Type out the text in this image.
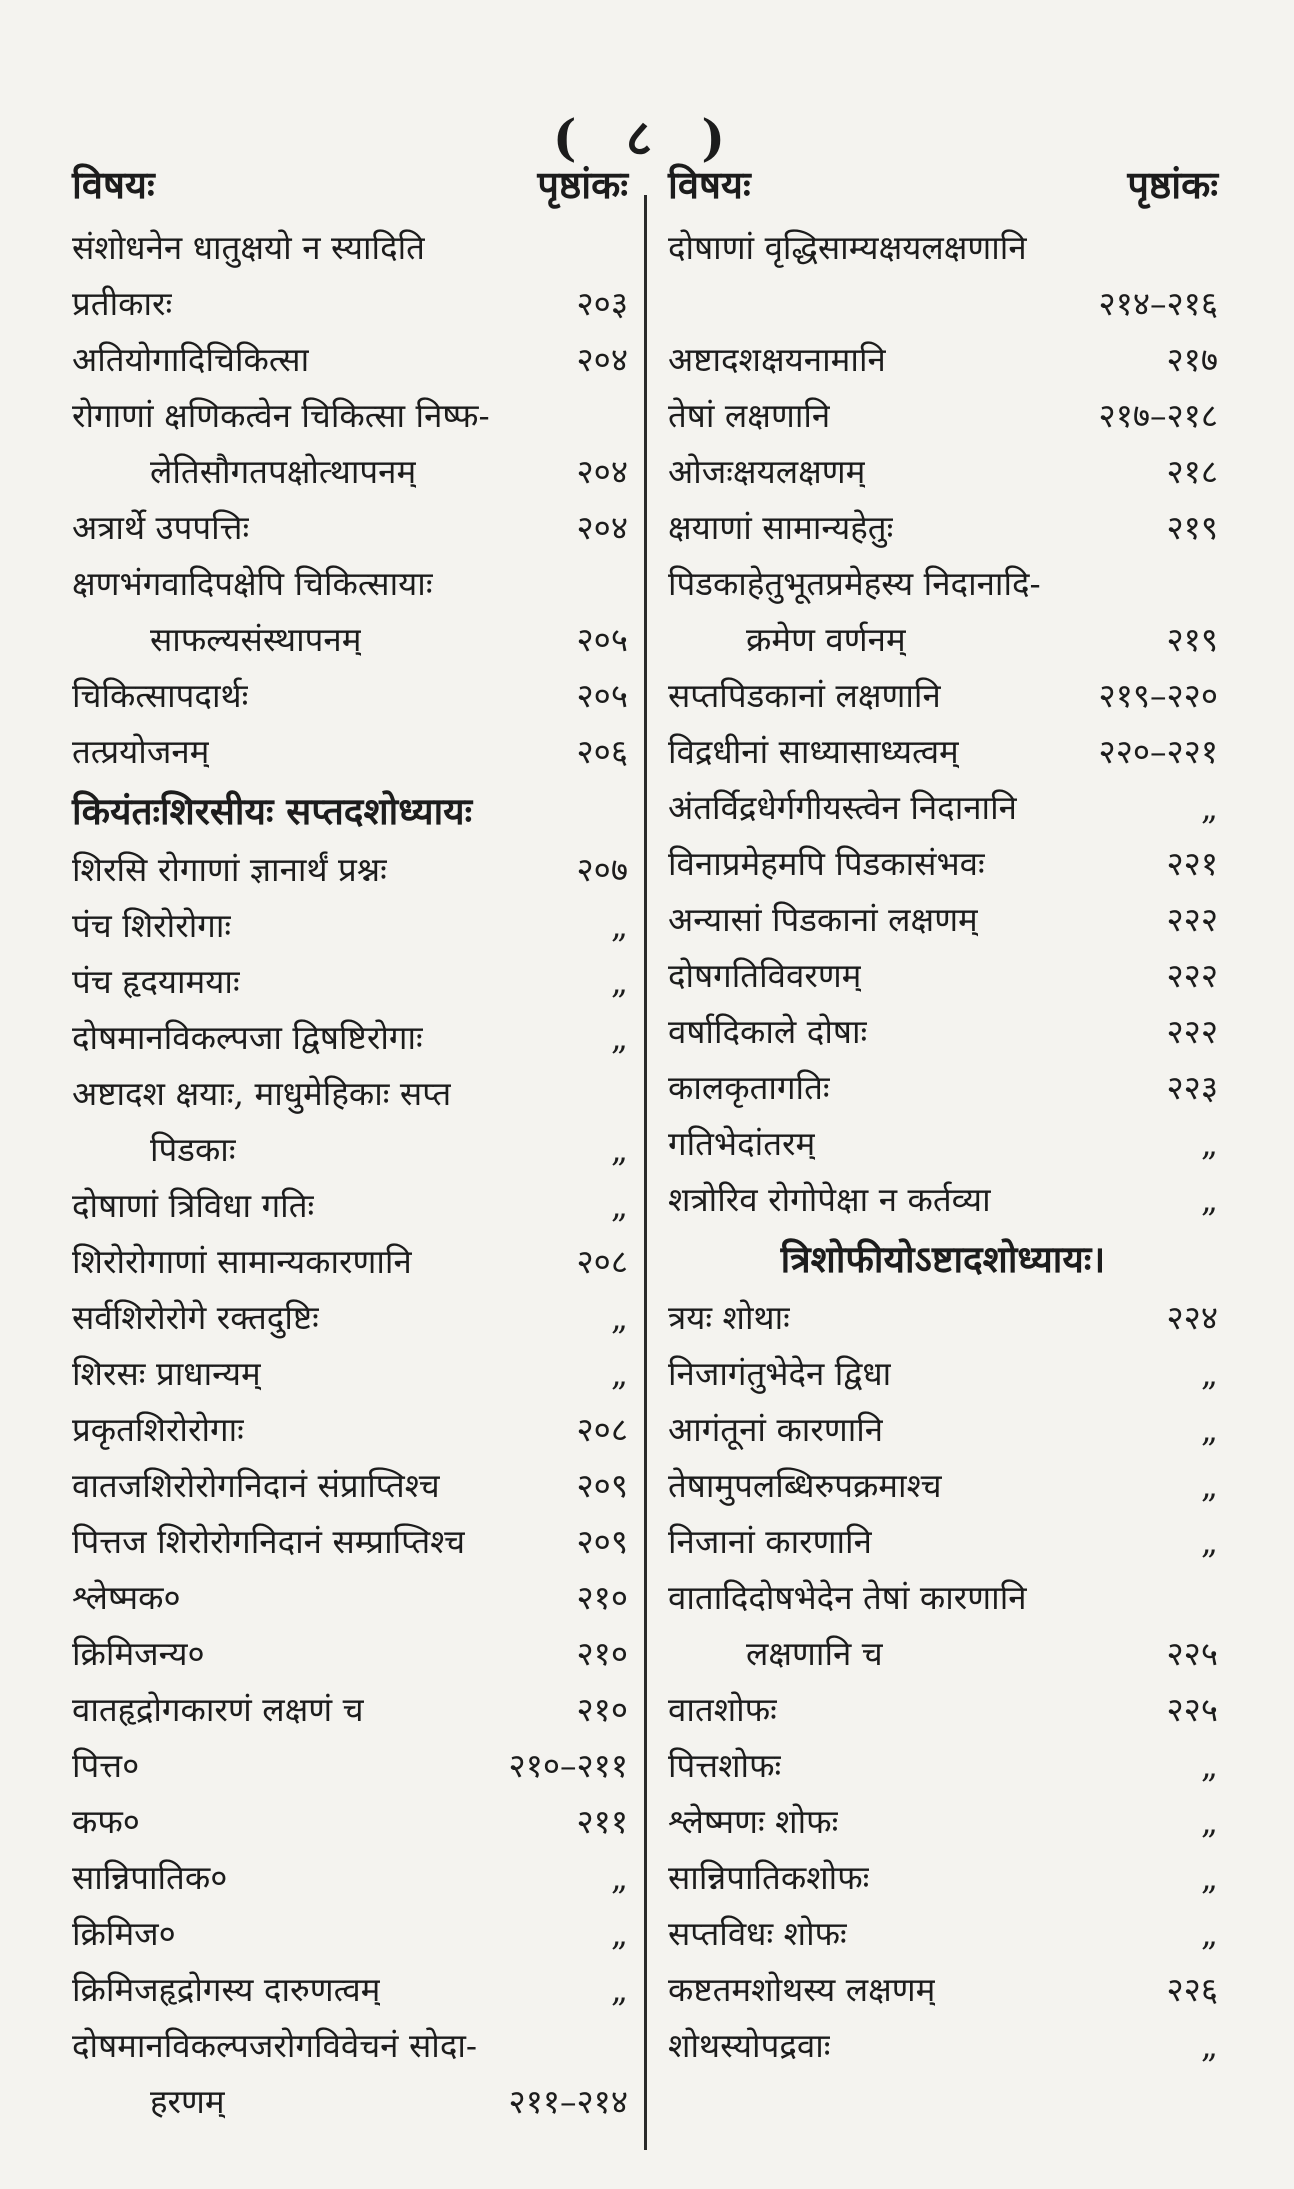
( ८ )
विषयः	पृष्ठांकः
संशोधनेन धातुक्षयो न स्यादिति
प्रतीकारः	२०३
अतियोगादिचिकित्सा	२०४
रोगाणां क्षणिकत्वेन चिकित्सा निष्फ-
लेतिसौगतपक्षोत्थापनम्	२०४
अत्रार्थे उपपत्तिः	२०४
क्षणभंगवादिपक्षेपि चिकित्सायाः
साफल्यसंस्थापनम्	२०५
चिकित्सापदार्थः	२०५
तत्प्रयोजनम्	२०६
कियंतःशिरसीयः सप्तदशोध्यायः
शिरसि रोगाणां ज्ञानार्थं प्रश्नः	२०७
पंच शिरोरोगाः	„
पंच हृदयामयाः	„
दोषमानविकल्पजा द्विषष्टिरोगाः	„
अष्टादश क्षयाः, माधुमेहिकाः सप्त
पिडकाः	„
दोषाणां त्रिविधा गतिः	„
शिरोरोगाणां सामान्यकारणानि	२०८
सर्वशिरोरोगे रक्तदुष्टिः	„
शिरसः प्राधान्यम्	„
प्रकृतशिरोरोगाः	२०८
वातजशिरोरोगनिदानं संप्राप्तिश्च	२०९
पित्तज शिरोरोगनिदानं सम्प्राप्तिश्च	२०९
श्लेष्मक०	२१०
क्रिमिजन्य०	२१०
वातहृद्रोगकारणं लक्षणं च	२१०
पित्त०	२१०–२११
कफ०	२११
सान्निपातिक०	„
क्रिमिज०	„
क्रिमिजहृद्रोगस्य दारुणत्वम्	„
दोषमानविकल्पजरोगविवेचनं सोदा-
हरणम्	२११–२१४
विषयः	पृष्ठांकः
दोषाणां वृद्धिसाम्यक्षयलक्षणानि
२१४–२१६
अष्टादशक्षयनामानि	२१७
तेषां लक्षणानि	२१७–२१८
ओजःक्षयलक्षणम्	२१८
क्षयाणां सामान्यहेतुः	२१९
पिडकाहेतुभूतप्रमेहस्य निदानादि-
क्रमेण वर्णनम्	२१९
सप्तपिडकानां लक्षणानि	२१९–२२०
विद्रधीनां साध्यासाध्यत्वम्	२२०–२२१
अंतर्विद्रधेर्गगीयस्त्वेन निदानानि	„
विनाप्रमेहमपि पिडकासंभवः	२२१
अन्यासां पिडकानां लक्षणम्	२२२
दोषगतिविवरणम्	२२२
वर्षादिकाले दोषाः	२२२
कालकृतागतिः	२२३
गतिभेदांतरम्	„
शत्रोरिव रोगोपेक्षा न कर्तव्या	„
त्रिशोफीयोऽष्टादशोध्यायः।
त्रयः शोथाः	२२४
निजागंतुभेदेन द्विधा	„
आगंतूनां कारणानि	„
तेषामुपलब्धिरुपक्रमाश्च	„
निजानां कारणानि	„
वातादिदोषभेदेन तेषां कारणानि
लक्षणानि च	२२५
वातशोफः	२२५
पित्तशोफः	„
श्लेष्मणः शोफः	„
सान्निपातिकशोफः	„
सप्तविधः शोफः	„
कष्टतमशोथस्य लक्षणम्	२२६
शोथस्योपद्रवाः	„
